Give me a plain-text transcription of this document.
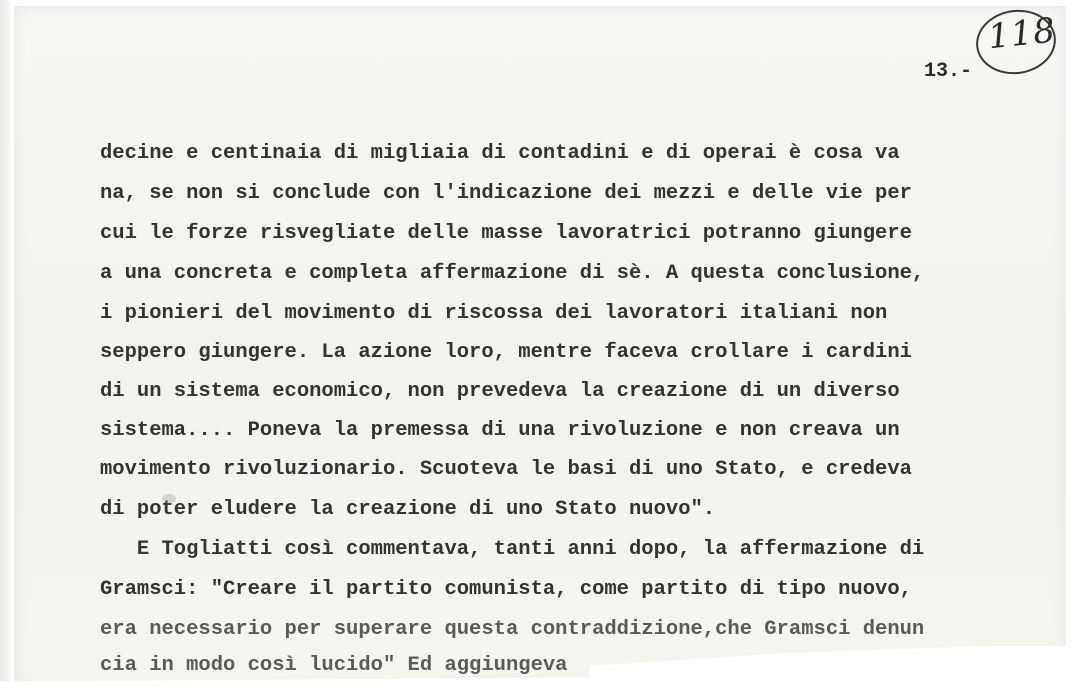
118
13.-
decine e centinaia di migliaia di contadini e di operai è cosa va
na, se non si conclude con l'indicazione dei mezzi e delle vie per
cui le forze risvegliate delle masse lavoratrici potranno giungere
a una concreta e completa affermazione di sè. A questa conclusione,
i pionieri del movimento di riscossa dei lavoratori italiani non
seppero giungere. La azione loro, mentre faceva crollare i cardini
di un sistema economico, non prevedeva la creazione di un diverso
sistema.... Poneva la premessa di una rivoluzione e non creava un
movimento rivoluzionario. Scuoteva le basi di uno Stato, e credeva
di poter eludere la creazione di uno Stato nuovo".
E Togliatti così commentava, tanti anni dopo, la affermazione di
Gramsci: "Creare il partito comunista, come partito di tipo nuovo,
era necessario per superare questa contraddizione,che Gramsci denun
cia in modo così lucido" Ed aggiungeva
